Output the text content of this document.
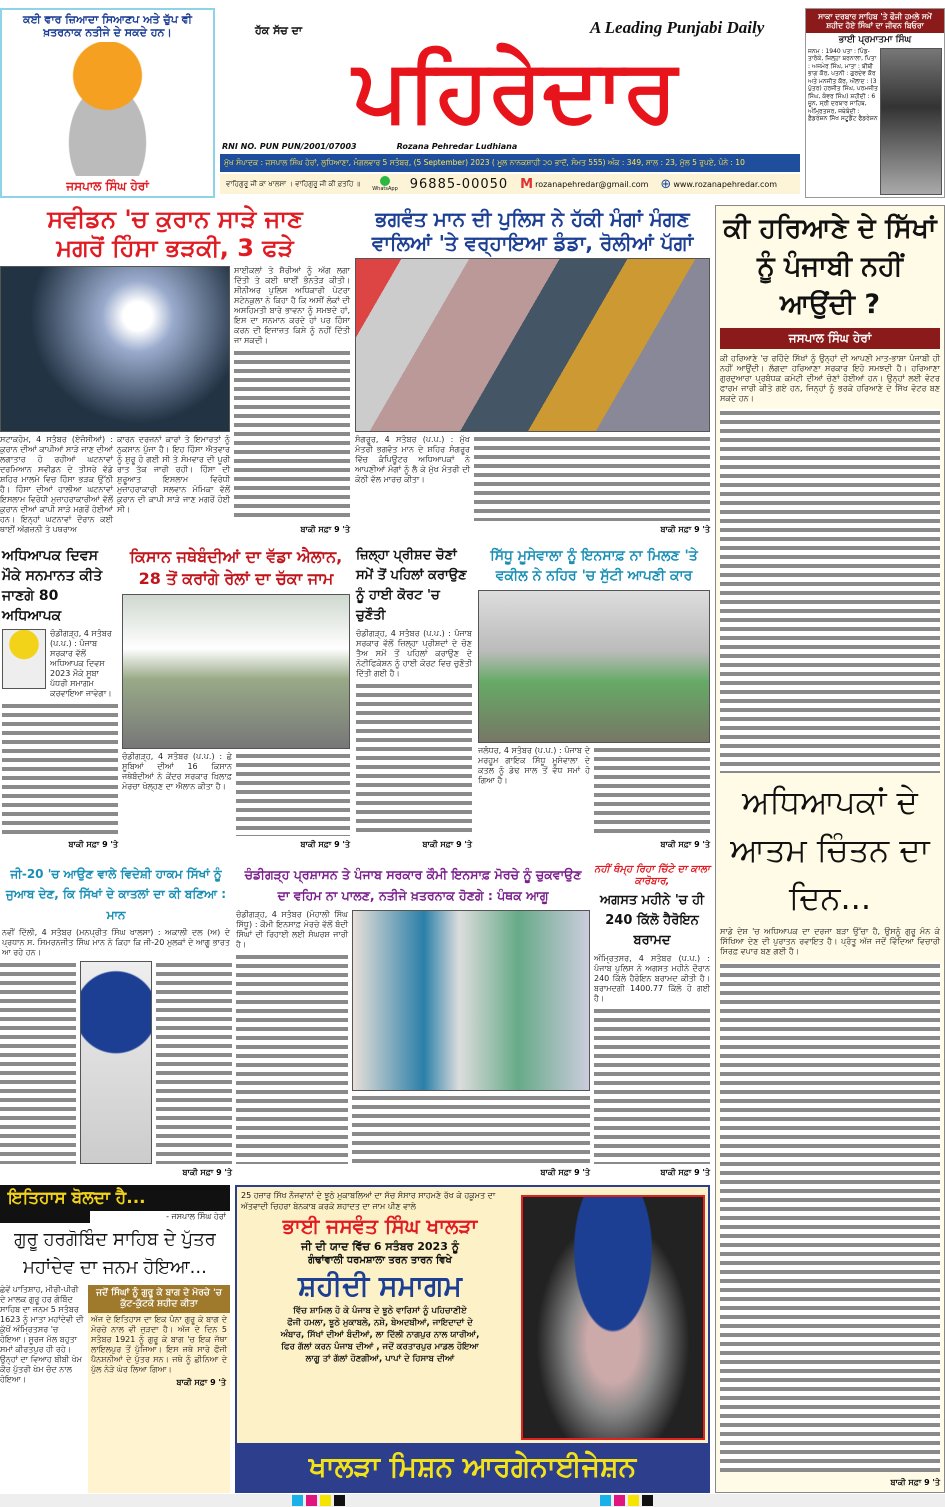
ਕਈ ਵਾਰ ਜ਼ਿਆਦਾ ਸਿਆਣਪ ਅਤੇ ਚੁੱਪ ਵੀ ਖ਼ਤਰਨਾਕ ਨਤੀਜੇ ਦੇ ਸਕਦੇ ਹਨ।
ਜਸਪਾਲ ਸਿੰਘ ਹੇਰਾਂ
ਹੱਕ ਸੱਚ ਦਾ	A Leading Punjabi Daily
ਪਹਿਰੇਦਾਰ
RNI NO. PUN PUN/2001/07003	Rozana Pehredar Ludhiana
ਮੁੱਖ ਸੰਪਾਦਕ : ਜਸਪਾਲ ਸਿੰਘ ਹੇਰਾਂ, ਲੁਧਿਆਣਾ, ਮੰਗਲਵਾਰ 5 ਸਤੰਬਰ, (5 September) 2023 ( ਮੂਲ ਨਾਨਕਸ਼ਾਹੀ ੨੦ ਭਾਦੋਂ, ਸੰਮਤ 555) ਅੰਕ : 349, ਸਾਲ : 23, ਮੁੱਲ 5 ਰੁਪਏ, ਪੰਨੇ : 10
ਵਾਹਿਗੁਰੂ ਜੀ ਕਾ ਖਾਲਸਾ । ਵਾਹਿਗੁਰੂ ਜੀ ਕੀ ਫ਼ਤਹਿ ॥
WhatsApp 96885-00050 M rozanapehredar@gmail.com ⊕ www.rozanapehredar.com
ਸਾਕਾ ਦਰਬਾਰ ਸਾਹਿਬ 'ਤੇ ਫੌਜੀ ਹਮਲੇ ਸਮੇਂ ਸ਼ਹੀਦ ਹੋਏ ਸਿੰਘਾਂ ਦਾ ਜੀਵਨ ਬਿਓਰਾ
ਭਾਈ ਪ੍ਰਮਾਤਮਾ ਸਿੰਘ
ਜਨਮ : 1940 ਪਤਾ : ਪਿੰਡ- ਤਾਰੋਕੇ, ਜ਼ਿਲ੍ਹਾ ਬਰਨਾਲਾ, ਪਿਤਾ : ਅਜਮੇਰ ਸਿੰਘ, ਮਾਤਾ : ਬੀਬੀ ਭਾਗ ਕੌਰ, ਪਤਨੀ : ਗੁਰਦੇਵ ਕੌਰ ਅਤੇ ਮਨਜੀਤ ਕੌਰ, ਔਲਾਦ : (3 ਪੁੱਤਰ) ਹਰਜੀਤ ਸਿੰਘ, ਪਰਮਜੀਤ ਸਿੰਘ, ਕੰਵਰ ਸਿੰਘ) ਸ਼ਹੀਦੀ : 6 ਜੂਨ, ਸ੍ਰੀ ਦਰਬਾਰ ਸਾਹਿਬ, ਅੰਮ੍ਰਿਤਸਰ, ਜਥੇਬੰਦੀ : ਫ਼ੈਡਰੇਸ਼ਨ ਸਿੱਖ ਸਟੂਡੈਂਟ ਫੈਡਰੇਸ਼ਨ
ਸਵੀਡਨ 'ਚ ਕੁਰਾਨ ਸਾੜੇ ਜਾਣ
ਮਗਰੋਂ ਹਿੰਸਾ ਭੜਕੀ, 3 ਫੜੇ
ਸਟਾਕਹੋਮ, 4 ਸਤੰਬਰ (ਏਜੰਸੀਆਂ) : ਕੁਰਾਨ ਦੀਆਂ ਕਾਪੀਆਂ ਸਾੜੇ ਜਾਣ ਦੀਆਂ ਲਗਾਤਾਰ ਹੋ ਰਹੀਆਂ ਘਟਨਾਵਾਂ ਦਰਮਿਆਨ ਸਵੀਡਨ ਦੇ ਤੀਸਰੇ ਵੱਡੇ ਸ਼ਹਿਰ ਮਾਲਮੋ ਵਿਚ ਹਿੰਸਾ ਭੜਕ ਉੱਠੀ ਹੈ। ਹਿੰਸਾ ਦੀਆਂ ਹਾਲੀਆ ਘਟਨਾਵਾਂ ਇਸਲਾਮ ਵਿਰੋਧੀ ਮੁਜ਼ਾਹਰਾਕਾਰੀਆਂ ਵੱਲੋਂ ਕੁਰਾਨ ਦੀਆਂ ਕਾਪੀ ਸਾੜੇ ਮਗਰੋਂ ਹੋਈਆਂ ਹਨ। ਇਨ੍ਹਾਂ ਘਟਨਾਵਾਂ ਦੌਰਾਨ ਕਈ ਥਾਈਂ ਅੱਗਜ਼ਨੀ ਤੇ ਪਥਰਾਅ
ਕਾਰਨ ਦਰਜਨਾਂ ਕਾਰਾਂ ਤੇ ਇਮਾਰਤਾਂ ਨੂੰ ਨੁਕਸਾਨ ਪੁੱਜਾ ਹੈ। ਇਹ ਹਿੰਸਾ ਐਤਵਾਰ ਨੂੰ ਸ਼ੁਰੂ ਹੋ ਗਈ ਸੀ ਤੇ ਸੋਮਵਾਰ ਦੀ ਪੂਰੀ ਰਾਤ ਤੱਕ ਜਾਰੀ ਰਹੀ। ਹਿੰਸਾ ਦੀ ਸ਼ੁਰੂਆਤ ਇਸਲਾਮ ਵਿਰੋਧੀ ਮੁਜ਼ਾਹਰਾਕਾਰੀ ਸਲਵਾਨ ਮੋਮਿਕਾ ਵੱਲੋਂ ਕੁਰਾਨ ਦੀ ਕਾਪੀ ਸਾੜੇ ਜਾਣ ਮਗਰੋਂ ਹੋਈ ਸੀ।
ਸਾਈਕਲਾਂ ਤੇ ਸ਼ੈਰੀਆਂ ਨੂੰ ਅੱਗ ਲਗਾ ਦਿੱਤੀ ਤੇ ਕਈ ਥਾਈਂ ਭੰਨਤੋੜ ਕੀਤੀ। ਸੀਨੀਅਰ ਪੁਲਿਸ ਅਧਿਕਾਰੀ ਪੇਟਰਾ ਸਟੇਨਕੁਲਾ ਨੇ ਕਿਹਾ ਹੈ ਕਿ ਅਸੀਂ ਲੋਕਾਂ ਦੀ ਅਸਹਿਮਤੀ ਬਾਰੇ ਭਾਵਨਾ ਨੂੰ ਸਮਝਦੇ ਹਾਂ, ਇਸ ਦਾ ਸਨਮਾਨ ਕਰਦੇ ਹਾਂ ਪਰ ਹਿੰਸਾ ਕਰਨ ਦੀ ਇਜਾਜ਼ਤ ਕਿਸੇ ਨੂੰ ਨਹੀਂ ਦਿੱਤੀ ਜਾ ਸਕਦੀ।
ਬਾਕੀ ਸਫ਼ਾ 9 'ਤੇ
ਭਗਵੰਤ ਮਾਨ ਦੀ ਪੁਲਿਸ ਨੇ ਹੱਕੀ ਮੰਗਾਂ ਮੰਗਣ
ਵਾਲਿਆਂ 'ਤੇ ਵਰ੍ਹਾਇਆ ਡੰਡਾ, ਰੋਲੀਆਂ ਪੱਗਾਂ
ਸੰਗਰੂਰ, 4 ਸਤੰਬਰ (ਪ.ਪ.) : ਮੁੱਖ ਮੰਤਰੀ ਭਗਵੰਤ ਮਾਨ ਦੇ ਸ਼ਹਿਰ ਸੰਗਰੂਰ ਵਿੱਚ ਕੰਪਿਊਟਰ ਅਧਿਆਪਕਾਂ ਨੇ ਆਪਣੀਆਂ ਮੰਗਾਂ ਨੂੰ ਲੈ ਕੇ ਮੁੱਖ ਮੰਤਰੀ ਦੀ ਕੋਠੀ ਵੱਲ ਮਾਰਚ ਕੀਤਾ।
ਬਾਕੀ ਸਫ਼ਾ 9 'ਤੇ
ਕੀ ਹਰਿਆਣੇ ਦੇ ਸਿੱਖਾਂ ਨੂੰ ਪੰਜਾਬੀ ਨਹੀਂ ਆਉਂਦੀ ?
ਜਸਪਾਲ ਸਿੰਘ ਹੇਰਾਂ
ਕੀ ਹਰਿਆਣੇ 'ਚ ਰਹਿੰਦੇ ਸਿੱਖਾਂ ਨੂੰ ਉਨ੍ਹਾਂ ਦੀ ਆਪਣੀ ਮਾਤ-ਭਾਸ਼ਾ ਪੰਜਾਬੀ ਹੀ ਨਹੀਂ ਆਉਂਦੀ। ਲੱਗਦਾ ਹਰਿਆਣਾ ਸਰਕਾਰ ਇਹੋ ਸਮਝਦੀ ਹੈ। ਹਰਿਆਣਾ ਗੁਰਦੁਆਰਾ ਪ੍ਰਬੰਧਕ ਕਮੇਟੀ ਦੀਆਂ ਚੋਣਾਂ ਹੋਈਆਂ ਹਨ। ਉਨ੍ਹਾਂ ਲਈ ਵੋਟਰ ਫਾਰਮ ਜਾਰੀ ਕੀਤੇ ਗਏ ਹਨ, ਜਿਨ੍ਹਾਂ ਨੂੰ ਭਰਕੇ ਹਰਿਆਣੇ ਦੇ ਸਿੱਖ ਵੋਟਰ ਬਣ ਸਕਦੇ ਹਨ।
ਅਧਿਆਪਕਾਂ ਦੇ ਆਤਮ ਚਿੰਤਨ ਦਾ ਦਿਨ...
ਸਾਡੇ ਦੇਸ਼ 'ਚ ਅਧਿਆਪਕ ਦਾ ਦਰਜਾ ਬੜਾ ਉੱਚਾ ਹੈ, ਉਸਨੂੰ ਗੁਰੂ ਮੰਨ ਕੇ ਸਿੱਖਿਆ ਦੇਣ ਦੀ ਪੁਰਾਤਨ ਰਵਾਇਤ ਹੈ। ਪ੍ਰੰਤੂ ਅੱਜ ਜਦੋਂ ਵਿੱਦਿਆ ਵਿਚਾਰੀ ਸਿਰਫ਼ ਵਪਾਰ ਬਣ ਗਈ ਹੈ।
ਬਾਕੀ ਸਫ਼ਾ 9 'ਤੇ
ਅਧਿਆਪਕ ਦਿਵਸ ਮੌਕੇ ਸਨਮਾਨਤ ਕੀਤੇ ਜਾਣਗੇ 80 ਅਧਿਆਪਕ
ਚੰਡੀਗੜ੍ਹ, 4 ਸਤੰਬਰ (ਪ.ਪ.) : ਪੰਜਾਬ ਸਰਕਾਰ ਵੱਲੋਂ ਅਧਿਆਪਕ ਦਿਵਸ 2023 ਮੌਕੇ ਸੂਬਾ ਪੱਧਰੀ ਸਮਾਗਮ ਕਰਵਾਇਆ ਜਾਵੇਗਾ।
ਬਾਕੀ ਸਫ਼ਾ 9 'ਤੇ
ਕਿਸਾਨ ਜਥੇਬੰਦੀਆਂ ਦਾ ਵੱਡਾ ਐਲਾਨ,
28 ਤੋਂ ਕਰਾਂਗੇ ਰੇਲਾਂ ਦਾ ਚੱਕਾ ਜਾਮ
ਚੰਡੀਗੜ੍ਹ, 4 ਸਤੰਬਰ (ਪ.ਪ.) : ਛੇ ਸੂਬਿਆਂ ਦੀਆਂ 16 ਕਿਸਾਨ ਜਥੇਬੰਦੀਆਂ ਨੇ ਕੇਂਦਰ ਸਰਕਾਰ ਖ਼ਿਲਾਫ਼ ਮੋਰਚਾ ਖੋਲ੍ਹਣ ਦਾ ਐਲਾਨ ਕੀਤਾ ਹੈ।
ਬਾਕੀ ਸਫ਼ਾ 9 'ਤੇ
ਜ਼ਿਲ੍ਹਾ ਪ੍ਰੀਸ਼ਦ ਚੋਣਾਂ ਸਮੇਂ ਤੋਂ ਪਹਿਲਾਂ ਕਰਾਉਣ ਨੂੰ ਹਾਈ ਕੋਰਟ 'ਚ ਚੁਣੌਤੀ
ਚੰਡੀਗੜ੍ਹ, 4 ਸਤੰਬਰ (ਪ.ਪ.) : ਪੰਜਾਬ ਸਰਕਾਰ ਵੱਲੋਂ ਜ਼ਿਲ੍ਹਾ ਪ੍ਰੀਸ਼ਦਾਂ ਦੇ ਚੋਣ ਤੈਅ ਸਮੇਂ ਤੋਂ ਪਹਿਲਾਂ ਕਰਾਉਣ ਦੇ ਨੋਟੀਫਿਕੇਸ਼ਨ ਨੂੰ ਹਾਈ ਕੋਰਟ ਵਿਚ ਚੁਣੌਤੀ ਦਿੱਤੀ ਗਈ ਹੈ।
ਬਾਕੀ ਸਫ਼ਾ 9 'ਤੇ
ਸਿੱਧੂ ਮੂਸੇਵਾਲਾ ਨੂੰ ਇਨਸਾਫ਼ ਨਾ ਮਿਲਣ 'ਤੇ
ਵਕੀਲ ਨੇ ਨਹਿਰ 'ਚ ਸੁੱਟੀ ਆਪਣੀ ਕਾਰ
ਜਲੰਧਰ, 4 ਸਤੰਬਰ (ਪ.ਪ.) : ਪੰਜਾਬ ਦੇ ਮਰਹੂਮ ਗਾਇਕ ਸਿੱਧੂ ਮੂਸੇਵਾਲਾ ਦੇ ਕਤਲ ਨੂੰ ਡੇਢ ਸਾਲ ਤੋਂ ਵੱਧ ਸਮਾਂ ਹੋ ਗਿਆ ਹੈ।
ਬਾਕੀ ਸਫ਼ਾ 9 'ਤੇ
ਜੀ-20 'ਚ ਆਉਣ ਵਾਲੇ ਵਿਦੇਸ਼ੀ ਹਾਕਮ ਸਿੱਖਾਂ ਨੂੰ ਜੁਆਬ ਦੇਣ, ਕਿ ਸਿੱਖਾਂ ਦੇ ਕਾਤਲਾਂ ਦਾ ਕੀ ਬਣਿਆ : ਮਾਨ
ਨਵੀਂ ਦਿੱਲੀ, 4 ਸਤੰਬਰ (ਮਨਪ੍ਰੀਤ ਸਿੰਘ ਖਾਲਸਾ) : ਅਕਾਲੀ ਦਲ (ਅ) ਦੇ ਪ੍ਰਧਾਨ ਸ. ਸਿਮਰਨਜੀਤ ਸਿੰਘ ਮਾਨ ਨੇ ਕਿਹਾ ਕਿ ਜੀ-20 ਮੁਲਕਾਂ ਦੇ ਆਗੂ ਭਾਰਤ ਆ ਰਹੇ ਹਨ।
ਬਾਕੀ ਸਫ਼ਾ 9 'ਤੇ
ਚੰਡੀਗੜ੍ਹ ਪ੍ਰਸ਼ਾਸਨ ਤੇ ਪੰਜਾਬ ਸਰਕਾਰ ਕੌਮੀ ਇਨਸਾਫ਼ ਮੋਰਚੇ ਨੂੰ ਚੁਕਵਾਉਣ
ਦਾ ਵਹਿਮ ਨਾ ਪਾਲਣ, ਨਤੀਜੇ ਖ਼ਤਰਨਾਕ ਹੋਣਗੇ : ਪੰਥਕ ਆਗੂ
ਚੰਡੀਗੜ੍ਹ, 4 ਸਤੰਬਰ (ਮੋਹਾਲੀ ਸਿੰਘ ਸਿੱਧੂ) : ਕੌਮੀ ਇਨਸਾਫ਼ ਮੋਰਚੇ ਵੱਲੋਂ ਬੰਦੀ ਸਿੰਘਾਂ ਦੀ ਰਿਹਾਈ ਲਈ ਸੰਘਰਸ਼ ਜਾਰੀ ਹੈ।
ਬਾਕੀ ਸਫ਼ਾ 9 'ਤੇ
ਨਹੀਂ ਥੰਮ੍ਹ ਰਿਹਾ ਚਿੱਟੇ ਦਾ ਕਾਲਾ ਕਾਰੋਬਾਰ,
ਅਗਸਤ ਮਹੀਨੇ 'ਚ ਹੀ 240 ਕਿੱਲੋ ਹੈਰੋਇਨ ਬਰਾਮਦ
ਅੰਮ੍ਰਿਤਸਰ, 4 ਸਤੰਬਰ (ਪ.ਪ.) : ਪੰਜਾਬ ਪੁਲਿਸ ਨੇ ਅਗਸਤ ਮਹੀਨੇ ਦੌਰਾਨ 240 ਕਿੱਲੋ ਹੈਰੋਇਨ ਬਰਾਮਦ ਕੀਤੀ ਹੈ। ਬਰਾਮਦਗੀ 1400.77 ਕਿੱਲੋ ਹੋ ਗਈ ਹੈ।
ਬਾਕੀ ਸਫ਼ਾ 9 'ਤੇ
ਇਤਿਹਾਸ ਬੋਲਦਾ ਹੈ...
- ਜਸਪਾਲ ਸਿੰਘ ਹੇਰਾਂ
ਗੁਰੂ ਹਰਗੋਬਿੰਦ ਸਾਹਿਬ ਦੇ ਪੁੱਤਰ ਮਹਾਂਦੇਵ ਦਾ ਜਨਮ ਹੋਇਆ...
ਛੇਵੇਂ ਪਾਤਿਸ਼ਾਹ, ਮੀਰੀ-ਪੀਰੀ ਦੇ ਮਾਲਕ ਗੁਰੂ ਹਰ ਗੋਬਿੰਦ ਸਾਹਿਬ ਦਾ ਜਨਮ 5 ਸਤੰਬਰ 1623 ਨੂੰ ਮਾਤਾ ਮਹਾਂਦੇਵੀ ਦੀ ਕੁੱਖੋਂ ਅੰਮ੍ਰਿਤਸਰ 'ਚ ਹੋਇਆ। ਸੂਰਜ ਮੱਲ ਬਹੁਤਾ ਸਮਾਂ ਕੀਰਤਪੁਰ ਹੀ ਰਹੇ। ਉਨ੍ਹਾਂ ਦਾ ਵਿਆਹ ਬੀਬੀ ਖੇਮ ਕੌਰ ਪੁੱਤਰੀ ਖੇਮ ਚੰਦ ਨਾਲ ਹੋਇਆ।
ਜਦੋਂ ਸਿੰਘਾਂ ਨੂੰ ਗੁਰੂ ਕੇ ਬਾਗ ਦੇ ਮੋਰਚੇ 'ਚ ਕੁੱਟ-ਕੁੱਟਕੇ ਸ਼ਹੀਦ ਕੀਤਾ
ਅੱਜ ਦੇ ਇਤਿਹਾਸ ਦਾ ਇਕ ਪੰਨਾ ਗੁਰੂ ਕੇ ਬਾਗ ਦੇ ਮੋਰਚੇ ਨਾਲ ਵੀ ਜੁੜਦਾ ਹੈ। ਅੱਜ ਦੇ ਦਿਨ 5 ਸਤੰਬਰ 1921 ਨੂੰ ਗੁਰੂ ਕੇ ਬਾਗ 'ਚ ਇਕ ਜੱਥਾ ਲਾਇਲਪੁਰ ਤੋਂ ਪੁੱਜਿਆ। ਇਸ ਜਥੇ ਸਾਰੇ ਫੌਜੀ ਪੈਨਸ਼ਨੀਆਂ ਦੇ ਪੁੱਤਰ ਸਨ। ਜਥੇ ਨੂੰ ਛੀਨਿਆ ਦੇ ਪੁੱਲ ਨੇੜੇ ਘੇਰ ਲਿਆ ਗਿਆ।
ਬਾਕੀ ਸਫ਼ਾ 9 'ਤੇ
25 ਹਜ਼ਾਰ ਸਿੱਖ ਨੌਜਵਾਨਾਂ ਦੇ ਝੂਠੇ ਮੁਕਾਬਲਿਆਂ ਦਾ ਸੱਚ ਸੰਸਾਰ ਸਾਹਮਣੇ ਰੱਖ ਕੇ ਹਕੂਮਤ ਦਾ ਅੱਤਵਾਦੀ ਚਿਹਰਾ ਬੇਨਕਾਬ ਕਰਕੇ ਸ਼ਹਾਦਤ ਦਾ ਜਾਮ ਪੀਣ ਵਾਲੇ
ਭਾਈ ਜਸਵੰਤ ਸਿੰਘ ਖਾਲੜਾ
ਜੀ ਦੀ ਯਾਦ ਵਿੱਚ 6 ਸਤੰਬਰ 2023 ਨੂੰ
ਗੰਢਾਂਵਾਲੀ ਧਰਮਸ਼ਾਲਾ ਤਰਨ ਤਾਰਨ ਵਿਖੇ
ਸ਼ਹੀਦੀ ਸਮਾਗਮ
ਵਿੱਚ ਸ਼ਾਮਿਲ ਹੋ ਕੇ ਪੰਜਾਬ ਦੇ ਝੂਠੇ ਵਾਰਿਸਾਂ ਨੂੰ ਪਹਿਚਾਣੀਏ
ਫੌਜੀ ਹਮਲਾ, ਝੂਠੇ ਮੁਕਾਬਲੇ, ਨਸ਼ੇ, ਬੇਅਦਬੀਆਂ, ਜਾਇਦਾਦਾਂ ਦੇ
ਅੰਬਾਰ, ਸਿੱਖਾਂ ਦੀਆਂ ਬੰਦੀਆਂ, ਲਾ ਦਿੱਲੀ ਨਾਗਪੁਰ ਨਾਲ ਯਾਰੀਆਂ,
ਫਿਰ ਗੱਲਾਂ ਕਰਨ ਪੰਜਾਬ ਦੀਆਂ , ਜਦੋਂ ਕਰਤਾਰਪੁਰ ਮਾਡਲ ਹੋਇਆ
ਲਾਗੂ ਤਾਂ ਗੱਲਾਂ ਹੋਣਗੀਆਂ, ਪਾਪਾਂ ਦੇ ਹਿਸਾਬ ਦੀਆਂ
ਖਾਲੜਾ ਮਿਸ਼ਨ ਆਰਗੇਨਾਈਜੇਸ਼ਨ
